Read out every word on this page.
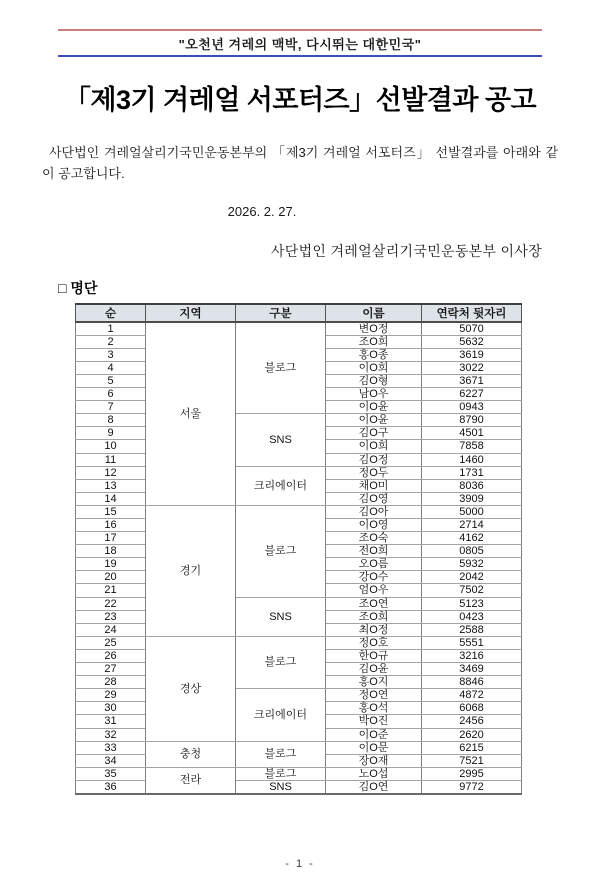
"오천년 겨레의 맥박, 다시뛰는 대한민국"
「제3기 겨레얼 서포터즈」선발결과 공고

사단법인 겨레얼살리기국민운동본부의 「제3기 겨레얼 서포터즈」 선발결과를 아래와 같이 공고합니다.

2026. 2. 27.
사단법인 겨레얼살리기국민운동본부 이사장
□ 명단
순	지역	구분	이름	연락처 뒷자리
1	서울	블로그	변O정	5070
2			조O희	5632
3			홍O종	3619
4			이O희	3022
5			김O형	3671
6			남O우	6227
7			이O윤	0943
8		SNS	이O윤	8790
9			김O구	4501
10			이O희	7858
11			김O정	1460
12		크리에이터	정O두	1731
13			채O미	8036
14			김O영	3909
15	경기	블로그	김O아	5000
16			이O영	2714
17			조O숙	4162
18			전O희	0805
19			오O름	5932
20			강O수	2042
21			엄O우	7502
22		SNS	조O연	5123
23			조O희	0423
24			최O정	2588
25	경상	블로그	정O호	5551
26			한O규	3216
27			김O윤	3469
28			홍O지	8846
29		크리에이터	정O연	4872
30			홍O석	6068
31			박O진	2456
32			이O준	2620
33	충청	블로그	이O문	6215
34			장O재	7521
35	전라	블로그	노O섭	2995
36		SNS	김O연	9772
- 1 -
